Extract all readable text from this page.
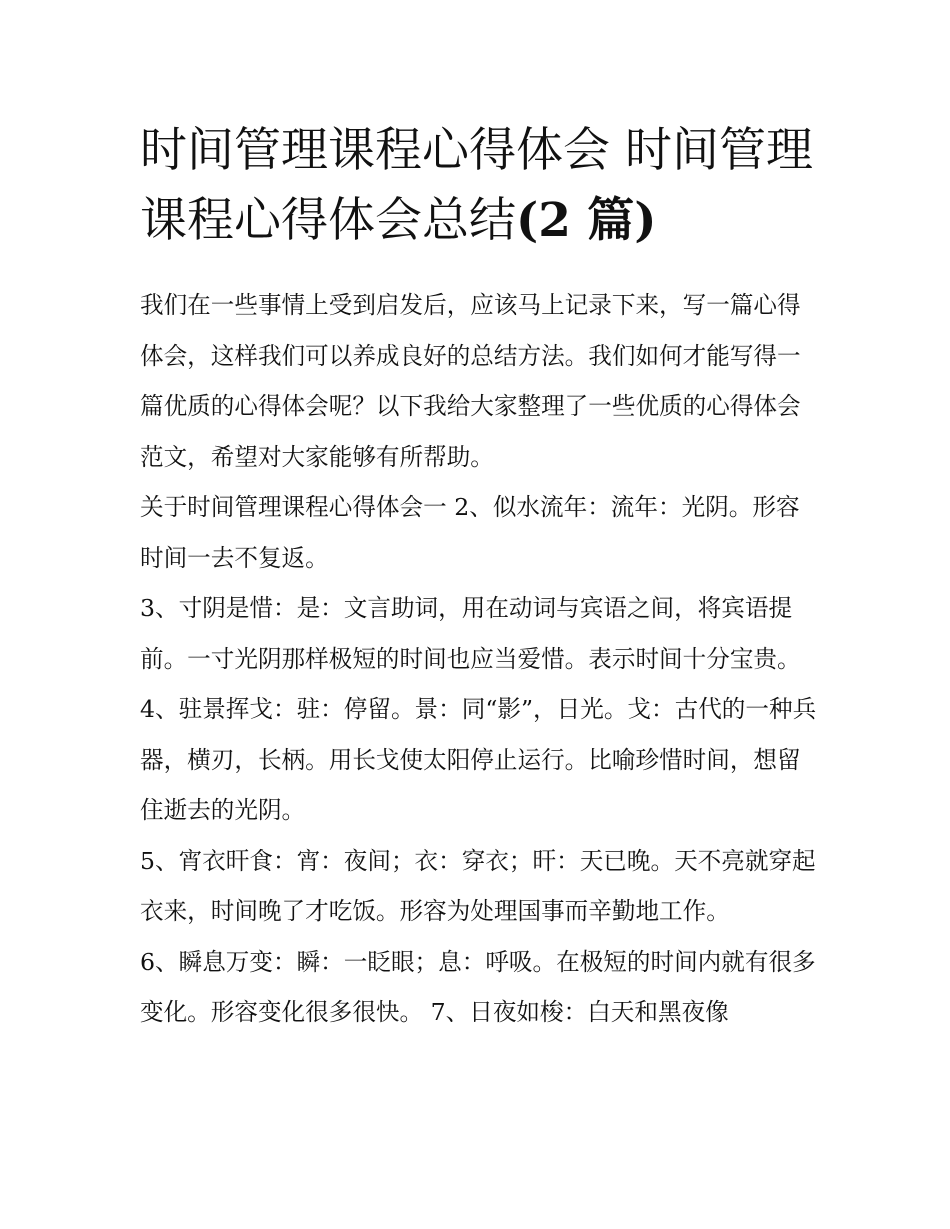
时间管理课程心得体会 时间管理课程心得体会总结(2 篇)

我们在一些事情上受到启发后，应该马上记录下来，写一篇心得体会，这样我们可以养成良好的总结方法。我们如何才能写得一篇优质的心得体会呢？以下我给大家整理了一些优质的心得体会范文，希望对大家能够有所帮助。

关于时间管理课程心得体会一 2、似水流年：流年：光阴。形容时间一去不复返。

3、寸阴是惜：是：文言助词，用在动词与宾语之间，将宾语提前。一寸光阴那样极短的时间也应当爱惜。表示时间十分宝贵。

4、驻景挥戈：驻：停留。景：同“影”，日光。戈：古代的一种兵器，横刃，长柄。用长戈使太阳停止运行。比喻珍惜时间，想留住逝去的光阴。

5、宵衣旰食：宵：夜间；衣：穿衣；旰：天已晚。天不亮就穿起衣来，时间晚了才吃饭。形容为处理国事而辛勤地工作。

6、瞬息万变：瞬：一眨眼；息：呼吸。在极短的时间内就有很多变化。形容变化很多很快。 7、日夜如梭：白天和黑夜像
